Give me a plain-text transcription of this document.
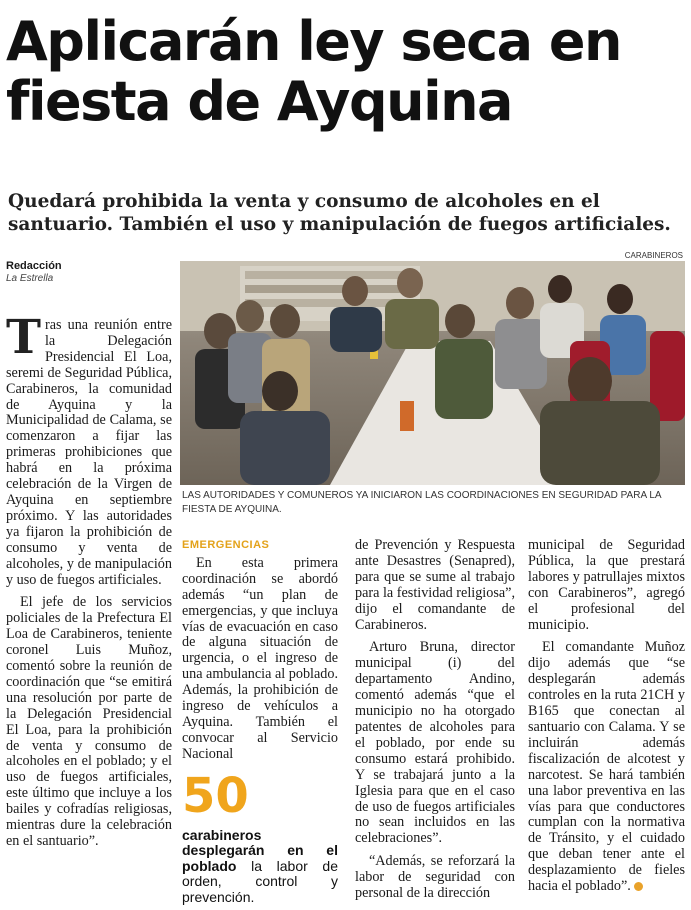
Aplicarán ley seca en fiesta de Ayquina

Quedará prohibida la venta y consumo de alcoholes en el santuario. También el uso y manipulación de fuegos artificiales.

CARABINEROS
Redacción
La Estrella
LAS AUTORIDADES Y COMUNEROS YA INICIARON LAS COORDINACIONES EN SEGURIDAD PARA LA FIESTA DE AYQUINA.

Tras una reunión entre la Delegación Presidencial El Loa, seremi de Seguridad Pública, Carabineros, la comunidad de Ayquina y la Municipalidad de Calama, se comenzaron a fijar las primeras prohibiciones que habrá en la próxima celebración de la Virgen de Ayquina en septiembre próximo. Y las autoridades ya fijaron la prohibición de consumo y venta de alcoholes, y de manipulación y uso de fuegos artificiales.

El jefe de los servicios policiales de la Prefectura El Loa de Carabineros, teniente coronel Luis Muñoz, comentó sobre la reunión de coordinación que “se emitirá una resolución por parte de la Delegación Presidencial El Loa, para la prohibición de venta y consumo de alcoholes en el poblado; y el uso de fuegos artificiales, este último que incluye a los bailes y cofradías religiosas, mientras dure la celebración en el santuario”.

EMERGENCIAS

En esta primera coordinación se abordó además “un plan de emergencias, y que incluya vías de evacuación en caso de alguna situación de urgencia, o el ingreso de una ambulancia al poblado. Además, la prohibición de ingreso de vehículos a Ayquina. También el convocar al Servicio Nacional

50
carabineros desplegarán en el poblado la labor de orden, control y prevención.

de Prevención y Respuesta ante Desastres (Senapred), para que se sume al trabajo para la festividad religiosa”, dijo el comandante de Carabineros.

Arturo Bruna, director municipal (i) del departamento Andino, comentó además “que el municipio no ha otorgado patentes de alcoholes para el poblado, por ende su consumo estará prohibido. Y se trabajará junto a la Iglesia para que en el caso de uso de fuegos artificiales no sean incluidos en las celebraciones”.

“Además, se reforzará la labor de seguridad con personal de la dirección

municipal de Seguridad Pública, la que prestará labores y patrullajes mixtos con Carabineros”, agregó el profesional del municipio.

El comandante Muñoz dijo además que “se desplegarán además controles en la ruta 21CH y B165 que conectan al santuario con Calama. Y se incluirán además fiscalización de alcotest y narcotest. Se hará también una labor preventiva en las vías para que conductores cumplan con la normativa de Tránsito, y el cuidado que deban tener ante el desplazamiento de fieles hacia el poblado”.
